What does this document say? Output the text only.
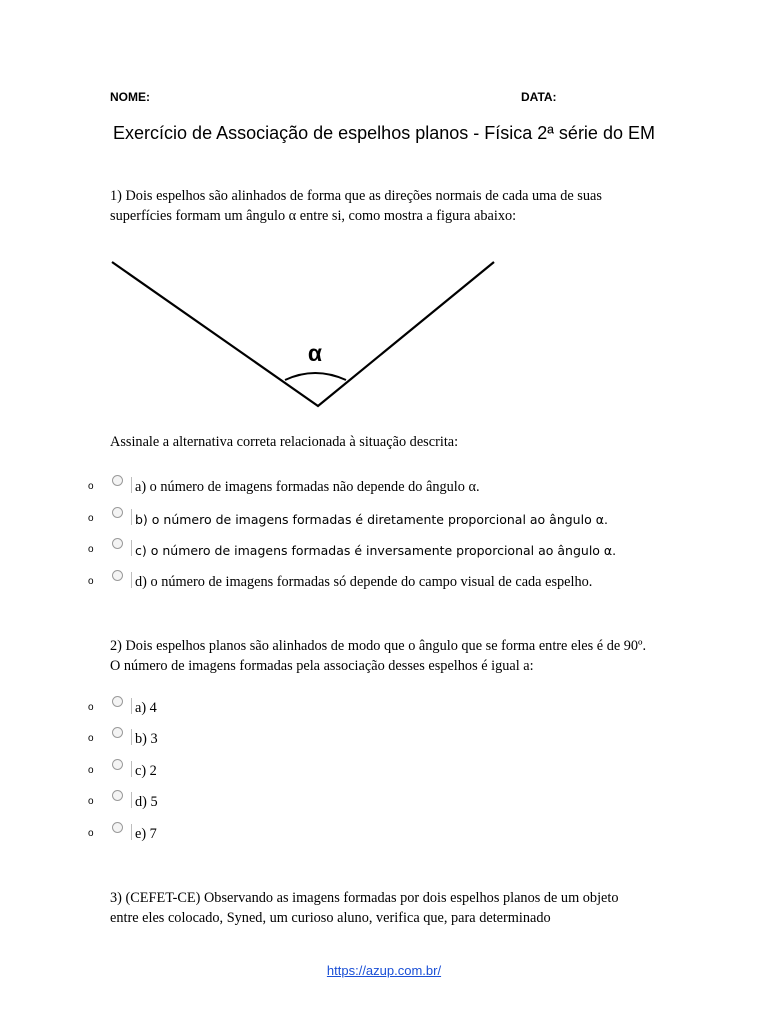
NOME:	DATA:
Exercício de Associação de espelhos planos - Física 2ª série do EM
1) Dois espelhos são alinhados de forma que as direções normais de cada uma de suas superfícies formam um ângulo α entre si, como mostra a figura abaixo:
α
Assinale a alternativa correta relacionada à situação descrita:
o	a) o número de imagens formadas não depende do ângulo α.
o	b) o número de imagens formadas é diretamente proporcional ao ângulo α.
o	c) o número de imagens formadas é inversamente proporcional ao ângulo α.
o	d) o número de imagens formadas só depende do campo visual de cada espelho.
2) Dois espelhos planos são alinhados de modo que o ângulo que se forma entre eles é de 90º. O número de imagens formadas pela associação desses espelhos é igual a:
o	a) 4
o	b) 3
o	c) 2
o	d) 5
o	e) 7
3) (CEFET-CE) Observando as imagens formadas por dois espelhos planos de um objeto entre eles colocado, Syned, um curioso aluno, verifica que, para determinado
https://azup.com.br/
